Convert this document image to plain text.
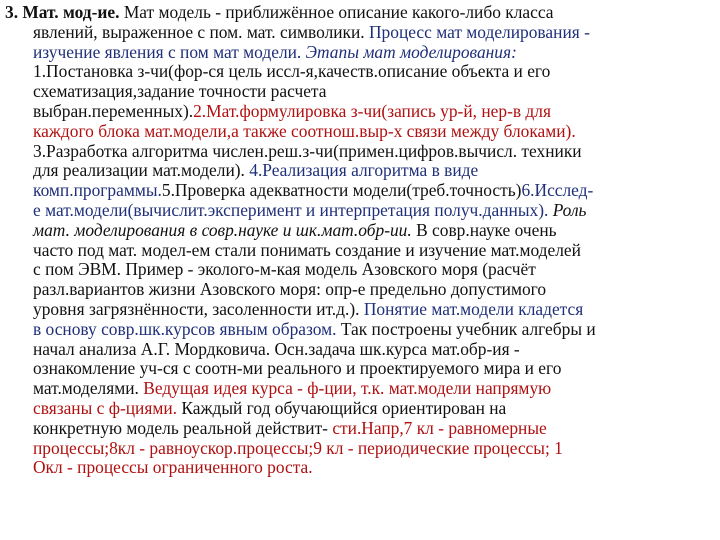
3. Мат. мод-ие. Мат модель - приближённое описание какого-либо класса
явлений, выраженное с пом. мат. символики. Процесс мат моделирования -
изучение явления с пом мат модели. Этапы мат моделирования:
1.Постановка з-чи(фор-ся цель иссл-я,качеств.описание объекта и его
схематизация,задание точности расчета
выбран.переменных).2.Мат.формулировка з-чи(запись ур-й, нер-в для
каждого блока мат.модели,а также соотнош.выр-х связи между блоками).
3.Разработка алгоритма числен.реш.з-чи(примен.цифров.вычисл. техники
для реализации мат.модели). 4.Реализация алгоритма в виде
комп.программы.5.Проверка адекватности модели(треб.точность)6.Исслед-
е мат.модели(вычислит.эксперимент и интерпретация получ.данных). Роль
мат. моделирования в совр.науке и шк.мат.обр-ии. В совр.науке очень
часто под мат. модел-ем стали понимать создание и изучение мат.моделей
с пом ЭВМ. Пример - эколого-м-кая модель Азовского моря (расчёт
разл.вариантов жизни Азовского моря: опр-е предельно допустимого
уровня загрязнённости, засоленности ит.д.). Понятие мат.модели кладется
в основу совр.шк.курсов явным образом. Так построены учебник алгебры и
начал анализа А.Г. Мордковича. Осн.задача шк.курса мат.обр-ия -
ознакомление уч-ся с соотн-ми реального и проектируемого мира и его
мат.моделями. Ведущая идея курса - ф-ции, т.к. мат.модели напрямую
связаны с ф-циями. Каждый год обучающийся ориентирован на
конкретную модель реальной действит- сти.Напр,7 кл - равномерные
процессы;8кл - равноускор.процессы;9 кл - периодические процессы; 1
Окл - процессы ограниченного роста.
